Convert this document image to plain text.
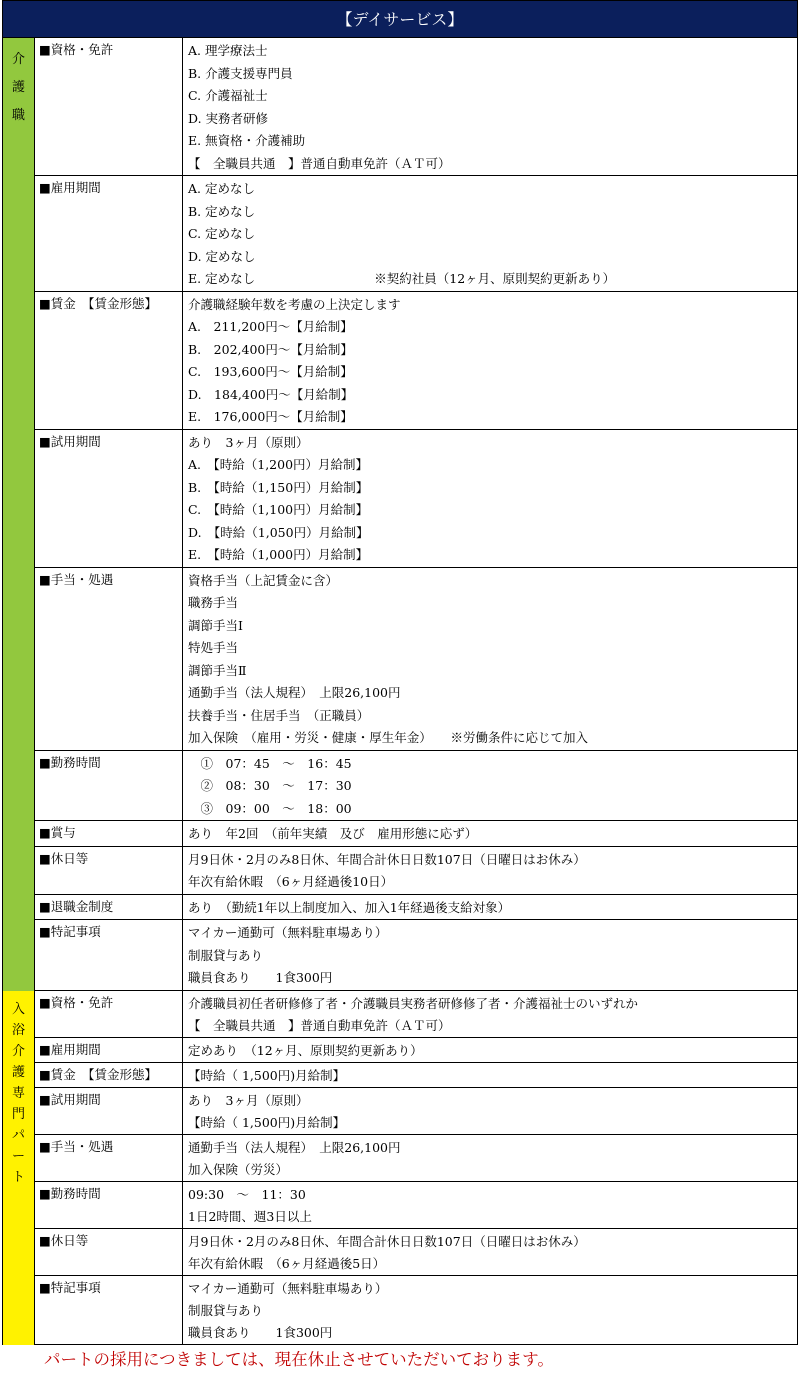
【デイサービス】
介
護
職
■資格・免許	A. 理学療法士
B. 介護支援専門員
C. 介護福祉士
D. 実務者研修
E. 無資格・介護補助
【　全職員共通　】普通自動車免許（ＡＴ可）
■雇用期間	A. 定めなし
B. 定めなし
C. 定めなし
D. 定めなし
E. 定めなし                              ※契約社員（12ヶ月、原則契約更新あり）
■賃金　【賃金形態】	介護職経験年数を考慮の上決定します
A.　211,200円～【月給制】
B.　202,400円～【月給制】
C.　193,600円～【月給制】
D.　184,400円～【月給制】
E.　176,000円～【月給制】
■試用期間	あり　3ヶ月（原則）
A.　【時給（1,200円）月給制】
B.　【時給（1,150円）月給制】
C.　【時給（1,100円）月給制】
D.　【時給（1,050円）月給制】
E.　【時給（1,000円）月給制】
■手当・処遇	資格手当（上記賃金に含）
職務手当
調節手当Ⅰ
特処手当
調節手当Ⅱ
通勤手当（法人規程）　上限26,100円
扶養手当・住居手当　（正職員）
加入保険　（雇用・労災・健康・厚生年金）　　※労働条件に応じて加入
■勤務時間	　①　07：45　～　16：45
　②　08：30　～　17：30
　③　09：00　～　18：00
■賞与	あり　年2回　（前年実績　及び　雇用形態に応ず）
■休日等	月9日休・2月のみ8日休、年間合計休日日数107日（日曜日はお休み）
年次有給休暇　（6ヶ月経過後10日）
■退職金制度	あり　（勤続1年以上制度加入、加入1年経過後支給対象）
■特記事項	マイカー通勤可（無料駐車場あり）
制服貸与あり
職員食あり　　1食300円
入
浴
介
護
専
門
パ
ー
ト
■資格・免許	介護職員初任者研修修了者・介護職員実務者研修修了者・介護福祉士のいずれか
【　全職員共通　】普通自動車免許（ＡＴ可）
■雇用期間	定めあり　（12ヶ月、原則契約更新あり）
■賃金　【賃金形態】	【時給（ 1,500円)月給制】
■試用期間	あり　3ヶ月（原則）
【時給（ 1,500円)月給制】
■手当・処遇	通勤手当（法人規程）　上限26,100円
加入保険（労災）
■勤務時間	09:30　～　11：30
1日2時間、週3日以上
■休日等	月9日休・2月のみ8日休、年間合計休日日数107日（日曜日はお休み）
年次有給休暇　（6ヶ月経過後5日）
■特記事項	マイカー通勤可（無料駐車場あり）
制服貸与あり
職員食あり　　1食300円
パートの採用につきましては、現在休止させていただいております。
